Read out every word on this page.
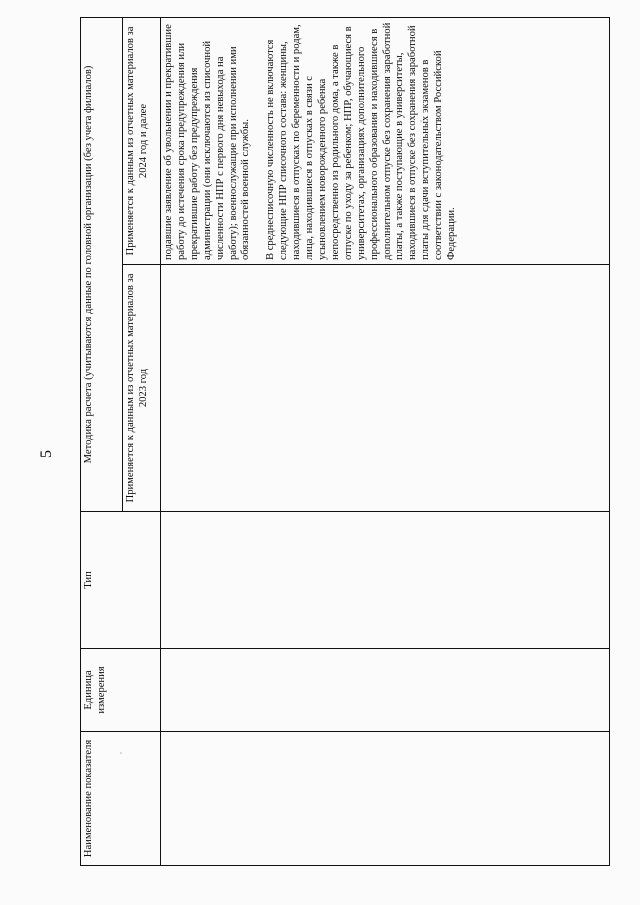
5
Наименование показателя	Единица измерения	Тип	Методика расчета (учитываются данные по головной организации (без учета филиалов)	
			Применяется к данным из отчетных материалов за 2023 год	Применяется к данным из отчетных материалов за 2024 год и далее

				подавшие заявление об увольнении и прекратившие работу до истечения срока предупреждения или прекратившие работу без предупреждения администрации (они исключаются из списочной численности НПР с первого дня невыхода на работу); военнослужащие при исполнении ими обязанностей военной службы. В среднесписочную численность не включаются следующие НПР списочного состава: женщины, находившиеся в отпусках по беременности и родам, лица, находившиеся в отпусках в связи с усыновлением новорожденного ребенка непосредственно из родильного дома, а также в отпуске по уходу за ребенком; НПР, обучающиеся в университетах, организациях дополнительного профессионального образования и находившиеся в дополнительном отпуске без сохранения заработной платы, а также поступающие в университеты, находившиеся в отпуске без сохранения заработной платы для сдачи вступительных экзаменов в соответствии с законодательством Российской Федерации.
